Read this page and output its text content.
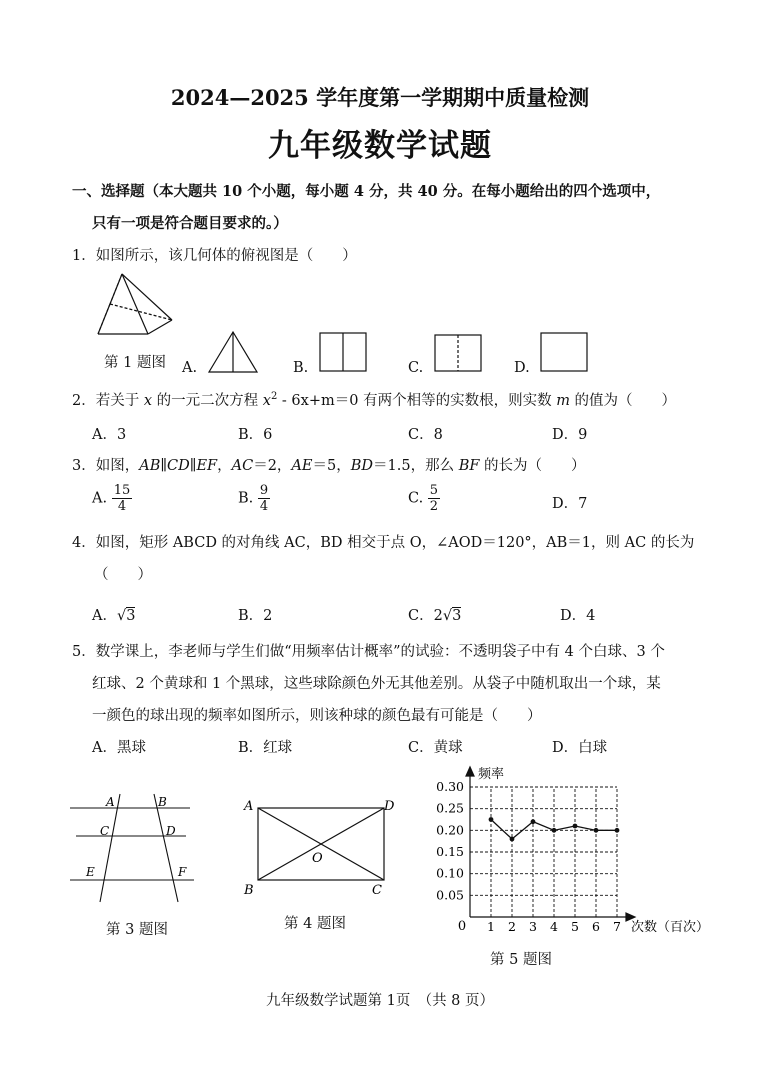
2024—2025 学年度第一学期期中质量检测
九年级数学试题
一、选择题（本大题共 10 个小题，每小题 4 分，共 40 分。在每小题给出的四个选项中，
只有一项是符合题目要求的。）
1．如图所示，该几何体的俯视图是（　　）
第 1 题图 A.	B.	C.	D.
2．若关于 x 的一元二次方程 $x^2 - 6x+m=0$ 有两个相等的实数根，则实数 m 的值为（　　）
A．3	B．6	C．8	D．9
3．如图，AB∥CD∥EF，AC＝2，AE＝5，BD＝1.5，那么 BF 的长为（　　）
A. $\frac{15}{4}$	B. $\frac{9}{4}$	C. $\frac{5}{2}$	D．7
4．如图，矩形 ABCD 的对角线 AC，BD 相交于点 O，∠AOD＝120°，AB＝1，则 AC 的长为
（　　）
A．√3	B．2	C．2√3	D．4
5．数学课上，李老师与学生们做“用频率估计概率”的试验：不透明袋子中有 4 个白球、3 个
红球、2 个黄球和 1 个黑球，这些球除颜色外无其他差别。从袋子中随机取出一个球，某
一颜色的球出现的频率如图所示，则该种球的颜色最有可能是（　　）
A．黑球	B．红球	C．黄球	D．白球
A	B
C	D
E	F
第 3 题图
A	D
O
B	C
第 4 题图
0.30
0.25
0.20
0.15
0.10
0.05
1 2 3 4 5 6 7
频率
次数（百次）
0
第 5 题图
九年级数学试题第 1页　（共 8 页）
